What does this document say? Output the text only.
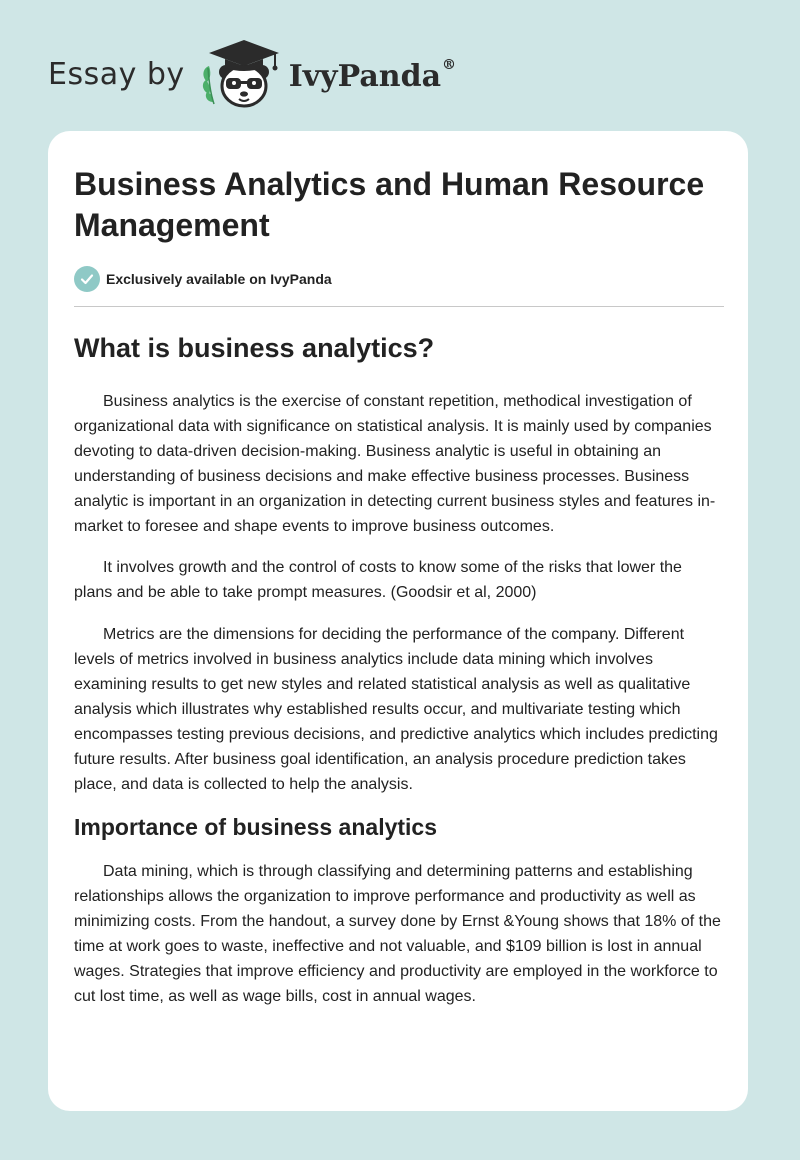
Essay by	IvyPanda®
Business Analytics and Human Resource Management
Exclusively available on IvyPanda
What is business analytics?

Business analytics is the exercise of constant repetition, methodical investigation of organizational data with significance on statistical analysis. It is mainly used by companies devoting to data-driven decision-making. Business analytic is useful in obtaining an understanding of business decisions and make effective business processes. Business analytic is important in an organization in detecting current business styles and features in-market to foresee and shape events to improve business outcomes.

It involves growth and the control of costs to know some of the risks that lower the plans and be able to take prompt measures. (Goodsir et al, 2000)

Metrics are the dimensions for deciding the performance of the company. Different levels of metrics involved in business analytics include data mining which involves examining results to get new styles and related statistical analysis as well as qualitative analysis which illustrates why established results occur, and multivariate testing which encompasses testing previous decisions, and predictive analytics which includes predicting future results. After business goal identification, an analysis procedure prediction takes place, and data is collected to help the analysis.

Importance of business analytics

Data mining, which is through classifying and determining patterns and establishing relationships allows the organization to improve performance and productivity as well as minimizing costs. From the handout, a survey done by Ernst &Young shows that 18% of the time at work goes to waste, ineffective and not valuable, and $109 billion is lost in annual wages. Strategies that improve efficiency and productivity are employed in the workforce to cut lost time, as well as wage bills, cost in annual wages.
